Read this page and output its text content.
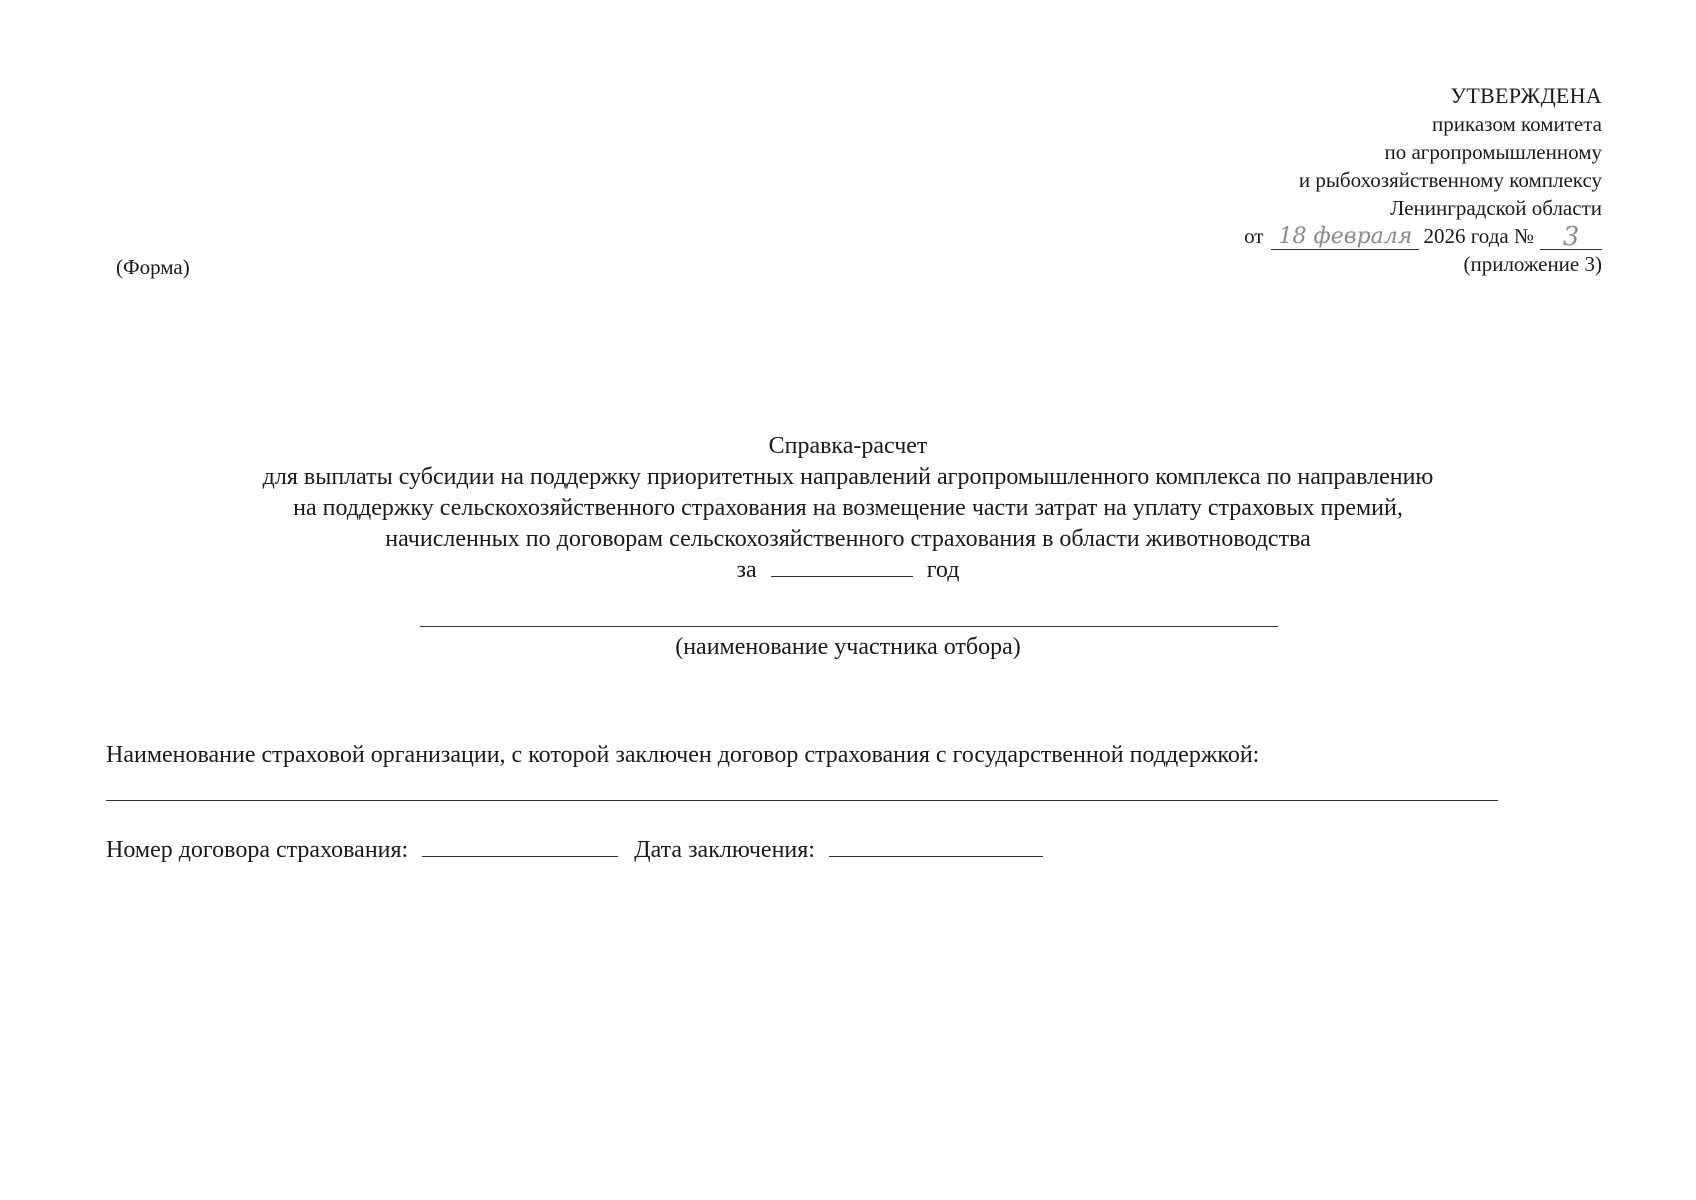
УТВЕРЖДЕНА
приказом комитета
по агропромышленному
и рыбохозяйственному комплексу
Ленинградской области
от 18 февраля 2026 года №	3
(приложение 3)
(Форма)
Справка-расчет
для выплаты субсидии на поддержку приоритетных направлений агропромышленного комплекса по направлению
на поддержку сельскохозяйственного страхования на возмещение части затрат на уплату страховых премий,
начисленных по договорам сельскохозяйственного страхования в области животноводства
за	год
(наименование участника отбора)
Наименование страховой организации, с которой заключен договор страхования с государственной поддержкой:
Номер договора страхования:	Дата заключения:
